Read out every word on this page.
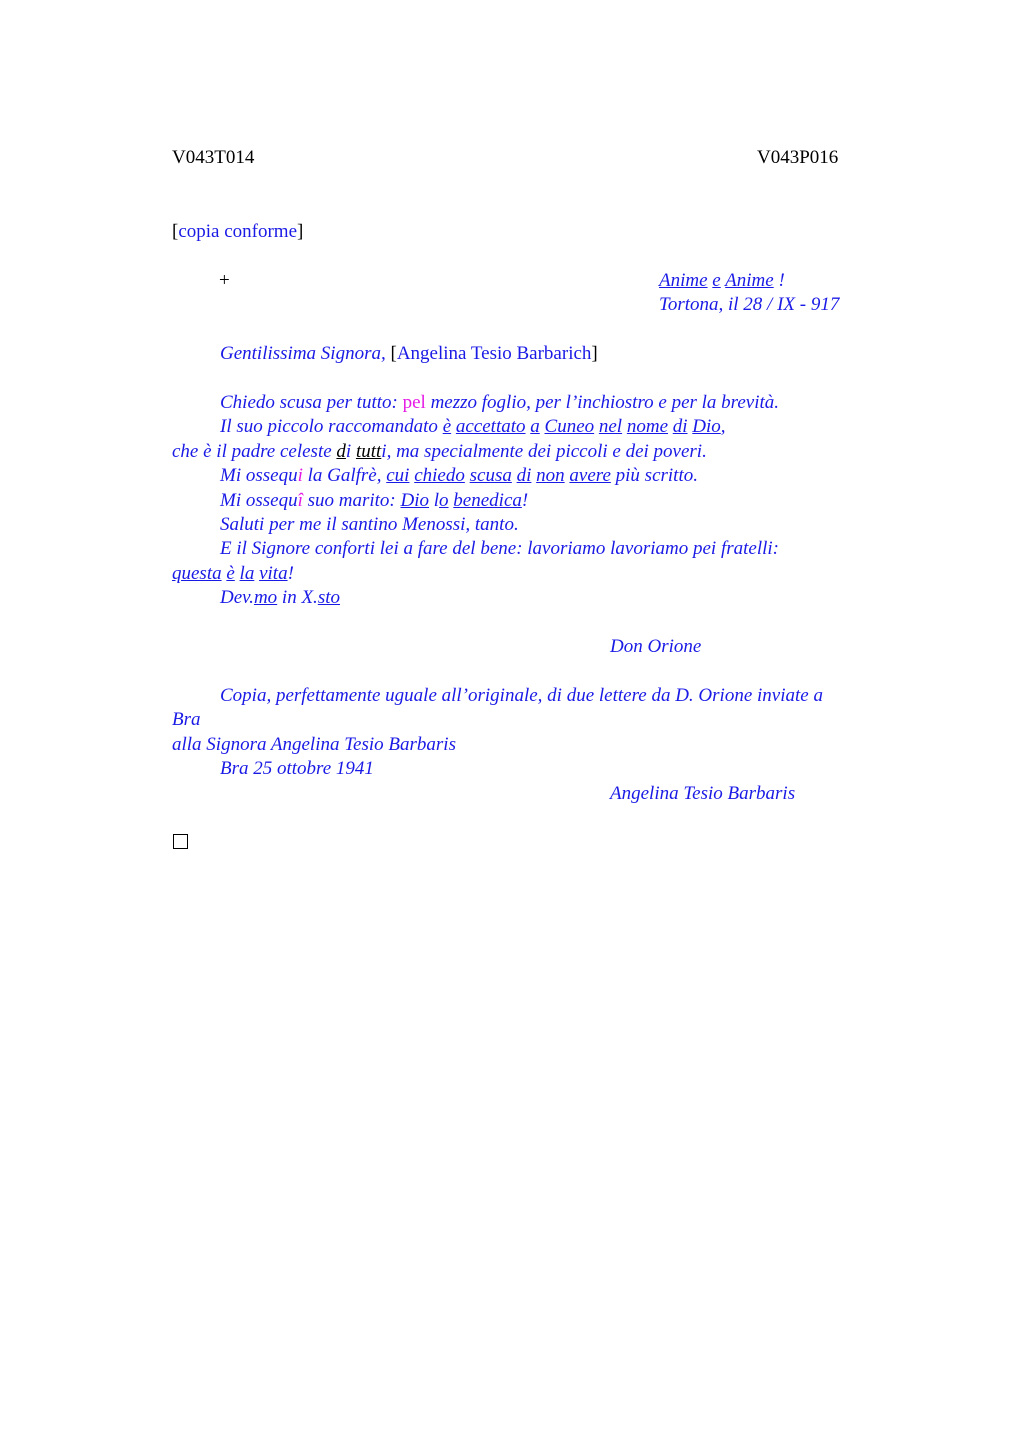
V043T014	V043P016
[copia conforme]
+	Anime e Anime !
Tortona, il 28 / IX - 917
Gentilissima Signora, [Angelina Tesio Barbarich]
Chiedo scusa per tutto: pel mezzo foglio, per l’inchiostro e per la brevità.
Il suo piccolo raccomandato è accettato a Cuneo nel nome di Dio,
che è il padre celeste di tutti, ma specialmente dei piccoli e dei poveri.
Mi ossequi la Galfrè, cui chiedo scusa di non avere più scritto.
Mi ossequî suo marito: Dio lo benedica!
Saluti per me il santino Menossi, tanto.
E il Signore conforti lei a fare del bene: lavoriamo lavoriamo pei fratelli:
questa è la vita!
Dev.mo in X.sto
Don Orione
Copia, perfettamente uguale all’originale, di due lettere da D. Orione inviate a
Bra
alla Signora Angelina Tesio Barbaris
Bra 25 ottobre 1941
Angelina Tesio Barbaris
